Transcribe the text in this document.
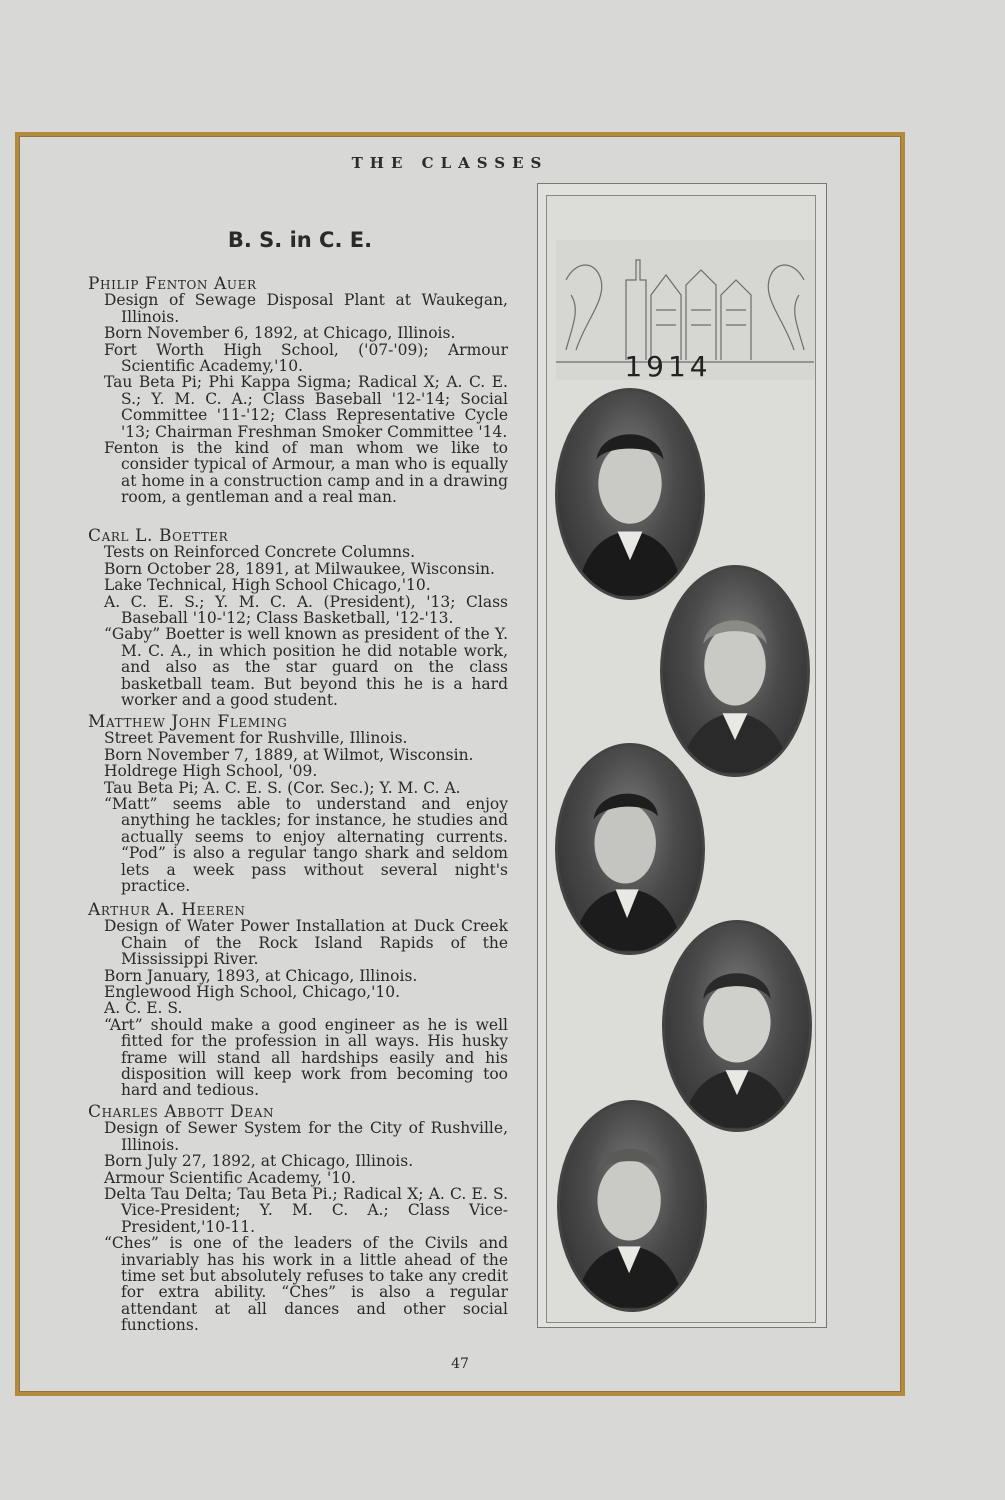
THE CLASSES
B. S. in C. E.
Philip Fenton Auer
Design of Sewage Disposal Plant at Waukegan, Illinois.
Born November 6, 1892, at Chicago, Illinois.
Fort Worth High School, ('07-'09); Armour Scientific Academy,'10.
Tau Beta Pi; Phi Kappa Sigma; Radical X; A. C. E. S.; Y. M. C. A.; Class Baseball '12-'14; Social Committee '11-'12; Class Representative Cycle '13; Chairman Freshman Smoker Committee '14.
Fenton is the kind of man whom we like to consider typical of Armour, a man who is equally at home in a construction camp and in a drawing room, a gentleman and a real man.
Carl L. Boetter
Tests on Reinforced Concrete Columns.
Born October 28, 1891, at Milwaukee, Wisconsin.
Lake Technical, High School Chicago,'10.
A. C. E. S.; Y. M. C. A. (President), '13; Class Baseball '10-'12; Class Basketball, '12-'13.
“Gaby” Boetter is well known as president of the Y. M. C. A., in which position he did notable work, and also as the star guard on the class basketball team. But beyond this he is a hard worker and a good student.
Matthew John Fleming
Street Pavement for Rushville, Illinois.
Born November 7, 1889, at Wilmot, Wisconsin.
Holdrege High School, '09.
Tau Beta Pi; A. C. E. S. (Cor. Sec.); Y. M. C. A.
“Matt” seems able to understand and enjoy anything he tackles; for instance, he studies and actually seems to enjoy alternating currents. “Pod” is also a regular tango shark and seldom lets a week pass without several night's practice.
Arthur A. Heeren
Design of Water Power Installation at Duck Creek Chain of the Rock Island Rapids of the Mississippi River.
Born January, 1893, at Chicago, Illinois.
Englewood High School, Chicago,'10.
A. C. E. S.
“Art” should make a good engineer as he is well fitted for the profession in all ways. His husky frame will stand all hardships easily and his disposition will keep work from becoming too hard and tedious.
Charles Abbott Dean
Design of Sewer System for the City of Rushville, Illinois.
Born July 27, 1892, at Chicago, Illinois.
Armour Scientific Academy, '10.
Delta Tau Delta; Tau Beta Pi.; Radical X; A. C. E. S. Vice-President; Y. M. C. A.; Class Vice-President,'10-11.
“Ches” is one of the leaders of the Civils and invariably has his work in a little ahead of the time set but absolutely refuses to take any credit for extra ability. “Ches” is also a regular attendant at all dances and other social functions.
47
1914
